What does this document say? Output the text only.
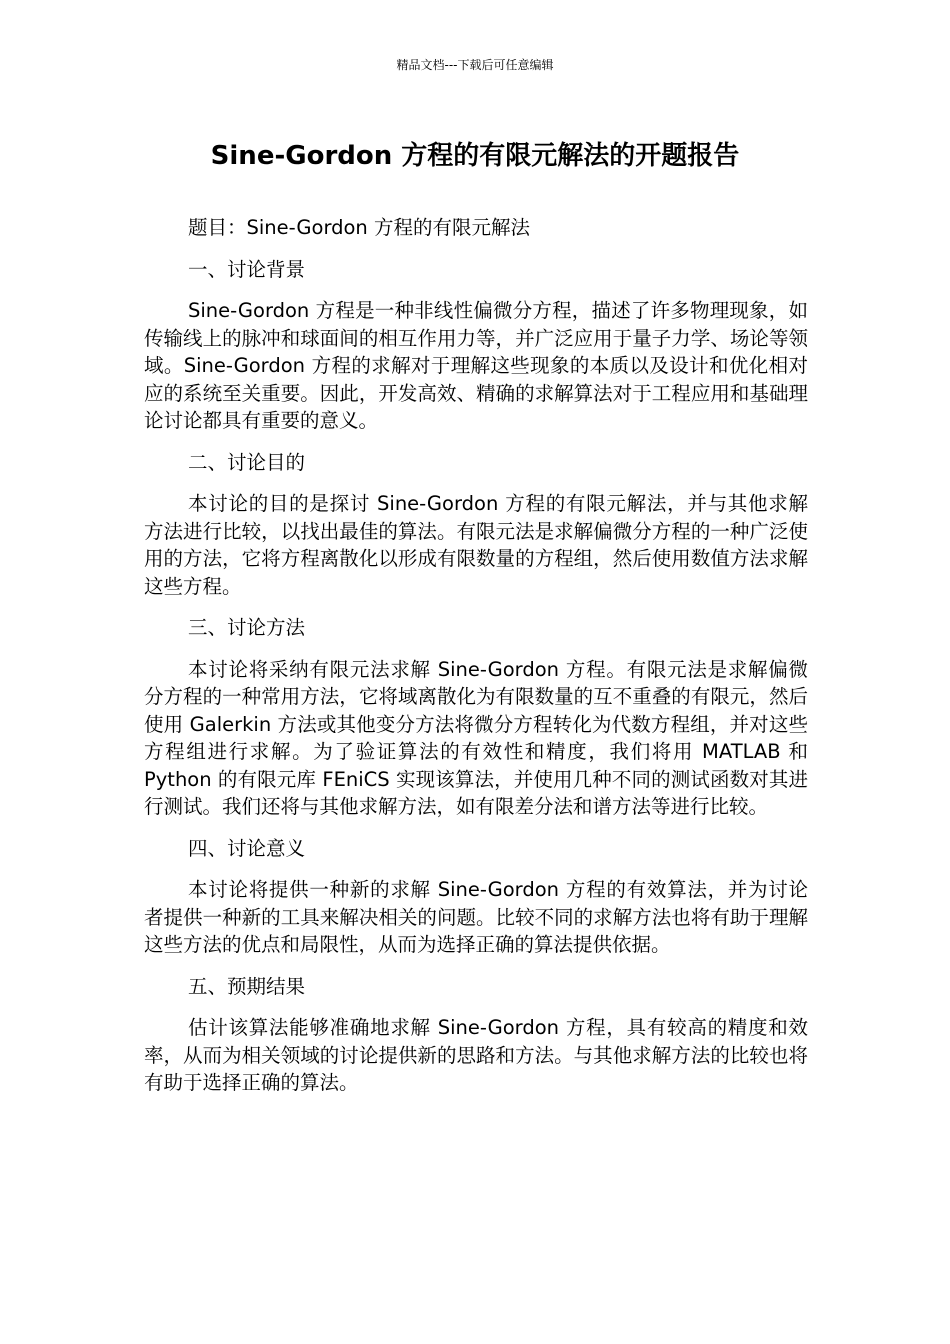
精品文档---下载后可任意编辑
Sine-Gordon 方程的有限元解法的开题报告

题目：Sine-Gordon 方程的有限元解法

一、讨论背景

Sine-Gordon 方程是一种非线性偏微分方程，描述了许多物理现象，如传输线上的脉冲和球面间的相互作用力等，并广泛应用于量子力学、场论等领域。Sine-Gordon 方程的求解对于理解这些现象的本质以及设计和优化相对应的系统至关重要。因此，开发高效、精确的求解算法对于工程应用和基础理论讨论都具有重要的意义。

二、讨论目的

本讨论的目的是探讨 Sine-Gordon 方程的有限元解法，并与其他求解方法进行比较，以找出最佳的算法。有限元法是求解偏微分方程的一种广泛使用的方法，它将方程离散化以形成有限数量的方程组，然后使用数值方法求解这些方程。

三、讨论方法

本讨论将采纳有限元法求解 Sine-Gordon 方程。有限元法是求解偏微分方程的一种常用方法，它将域离散化为有限数量的互不重叠的有限元，然后使用 Galerkin 方法或其他变分方法将微分方程转化为代数方程组，并对这些方程组进行求解。为了验证算法的有效性和精度，我们将用 MATLAB 和 Python 的有限元库 FEniCS 实现该算法，并使用几种不同的测试函数对其进行测试。我们还将与其他求解方法，如有限差分法和谱方法等进行比较。

四、讨论意义

本讨论将提供一种新的求解 Sine-Gordon 方程的有效算法，并为讨论者提供一种新的工具来解决相关的问题。比较不同的求解方法也将有助于理解这些方法的优点和局限性，从而为选择正确的算法提供依据。

五、预期结果

估计该算法能够准确地求解 Sine-Gordon 方程，具有较高的精度和效率，从而为相关领域的讨论提供新的思路和方法。与其他求解方法的比较也将有助于选择正确的算法。
